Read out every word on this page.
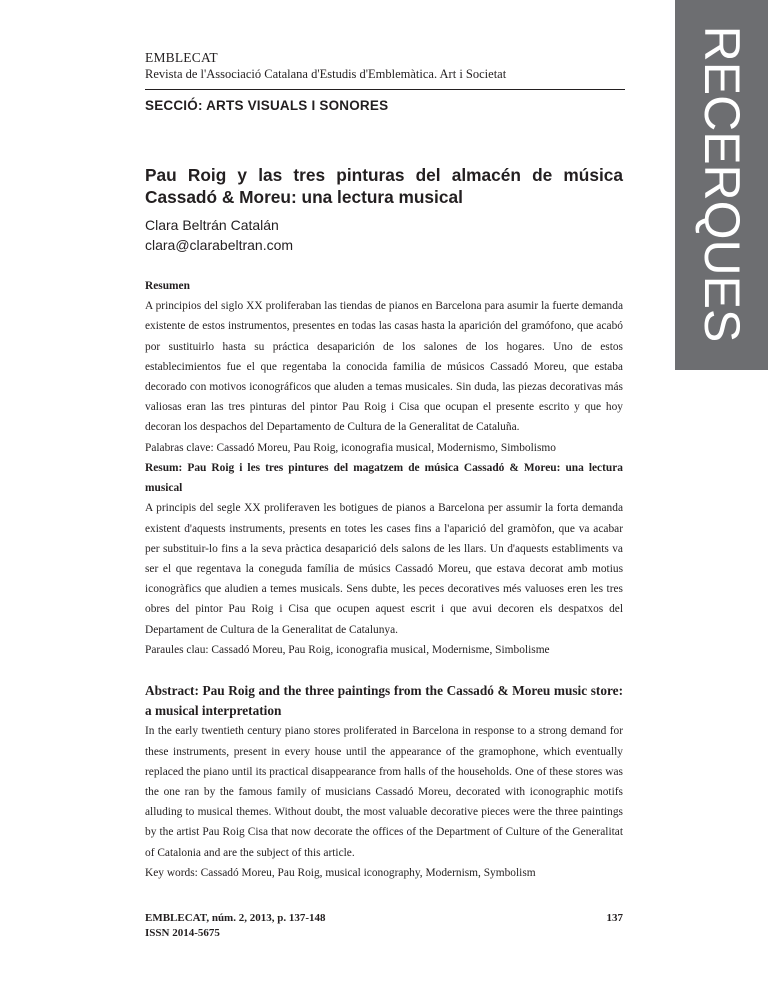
RECERQUES
EMBLECAT
Revista de l'Associació Catalana d'Estudis d'Emblemàtica. Art i Societat
SECCIÓ: ARTS VISUALS I SONORES
Pau Roig y las tres pinturas del almacén de música Cassadó & Moreu: una lectura musical
Clara Beltrán Catalán
clara@clarabeltran.com

Resumen

A principios del siglo XX proliferaban las tiendas de pianos en Barcelona para asumir la fuerte demanda existente de estos instrumentos, presentes en todas las casas hasta la aparición del gramófono, que acabó por sustituirlo hasta su práctica desaparición de los salones de los hogares. Uno de estos establecimientos fue el que regentaba la conocida familia de músicos Cassadó Moreu, que estaba decorado con motivos iconográficos que aluden a temas musicales. Sin duda, las piezas decorativas más valiosas eran las tres pinturas del pintor Pau Roig i Cisa que ocupan el presente escrito y que hoy decoran los despachos del Departamento de Cultura de la Generalitat de Cataluña.

Palabras clave: Cassadó Moreu, Pau Roig, iconografia musical, Modernismo, Simbolismo

Resum: Pau Roig i les tres pintures del magatzem de música Cassadó & Moreu: una lectura musical

A principis del segle XX proliferaven les botigues de pianos a Barcelona per assumir la forta demanda existent d'aquests instruments, presents en totes les cases fins a l'aparició del gramòfon, que va acabar per substituir-lo fins a la seva pràctica desaparició dels salons de les llars. Un d'aquests establiments va ser el que regentava la coneguda família de músics Cassadó Moreu, que estava decorat amb motius iconogràfics que aludien a temes musicals. Sens dubte, les peces decoratives més valuoses eren les tres obres del pintor Pau Roig i Cisa que ocupen aquest escrit i que avui decoren els despatxos del Departament de Cultura de la Generalitat de Catalunya.

Paraules clau: Cassadó Moreu, Pau Roig, iconografia musical, Modernisme, Simbolisme

Abstract: Pau Roig and the three paintings from the Cassadó & Moreu music store: a musical interpretation

In the early twentieth century piano stores proliferated in Barcelona in response to a strong demand for these instruments, present in every house until the appearance of the gramophone, which eventually replaced the piano until its practical disappearance from halls of the households. One of these stores was the one ran by the famous family of musicians Cassadó Moreu, decorated with iconographic motifs alluding to musical themes. Without doubt, the most valuable decorative pieces were the three paintings by the artist Pau Roig Cisa that now decorate the offices of the Department of Culture of the Generalitat of Catalonia and are the subject of this article.

Key words: Cassadó Moreu, Pau Roig, musical iconography, Modernism, Symbolism

EMBLECAT, núm. 2, 2013, p. 137-148
ISSN 2014-5675
137
